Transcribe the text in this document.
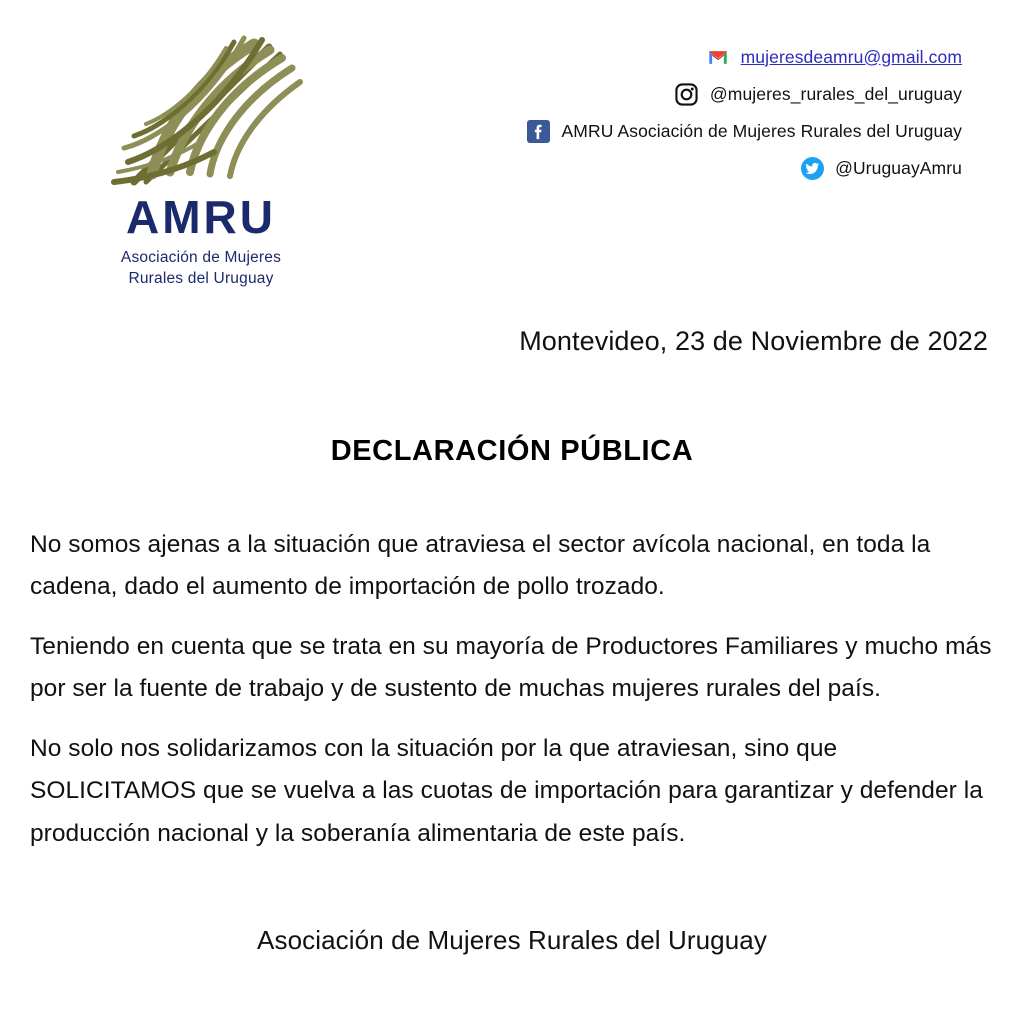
AMRU
Asociación de Mujeres
Rurales del Uruguay
mujeresdeamru@gmail.com
@mujeres_rurales_del_uruguay
AMRU Asociación de Mujeres Rurales del Uruguay
@UruguayAmru
Montevideo, 23 de Noviembre de 2022
DECLARACIÓN PÚBLICA

No somos ajenas a la situación que atraviesa el sector avícola nacional, en toda la cadena, dado el aumento de importación de pollo trozado.

Teniendo en cuenta que se trata en su mayoría de Productores Familiares y mucho más por ser la fuente de trabajo y de sustento de muchas mujeres rurales del país.

No solo nos solidarizamos con la situación por la que atraviesan, sino que SOLICITAMOS que se vuelva a las cuotas de importación para garantizar y defender la producción nacional y la soberanía alimentaria de este país.

Asociación de Mujeres Rurales del Uruguay
